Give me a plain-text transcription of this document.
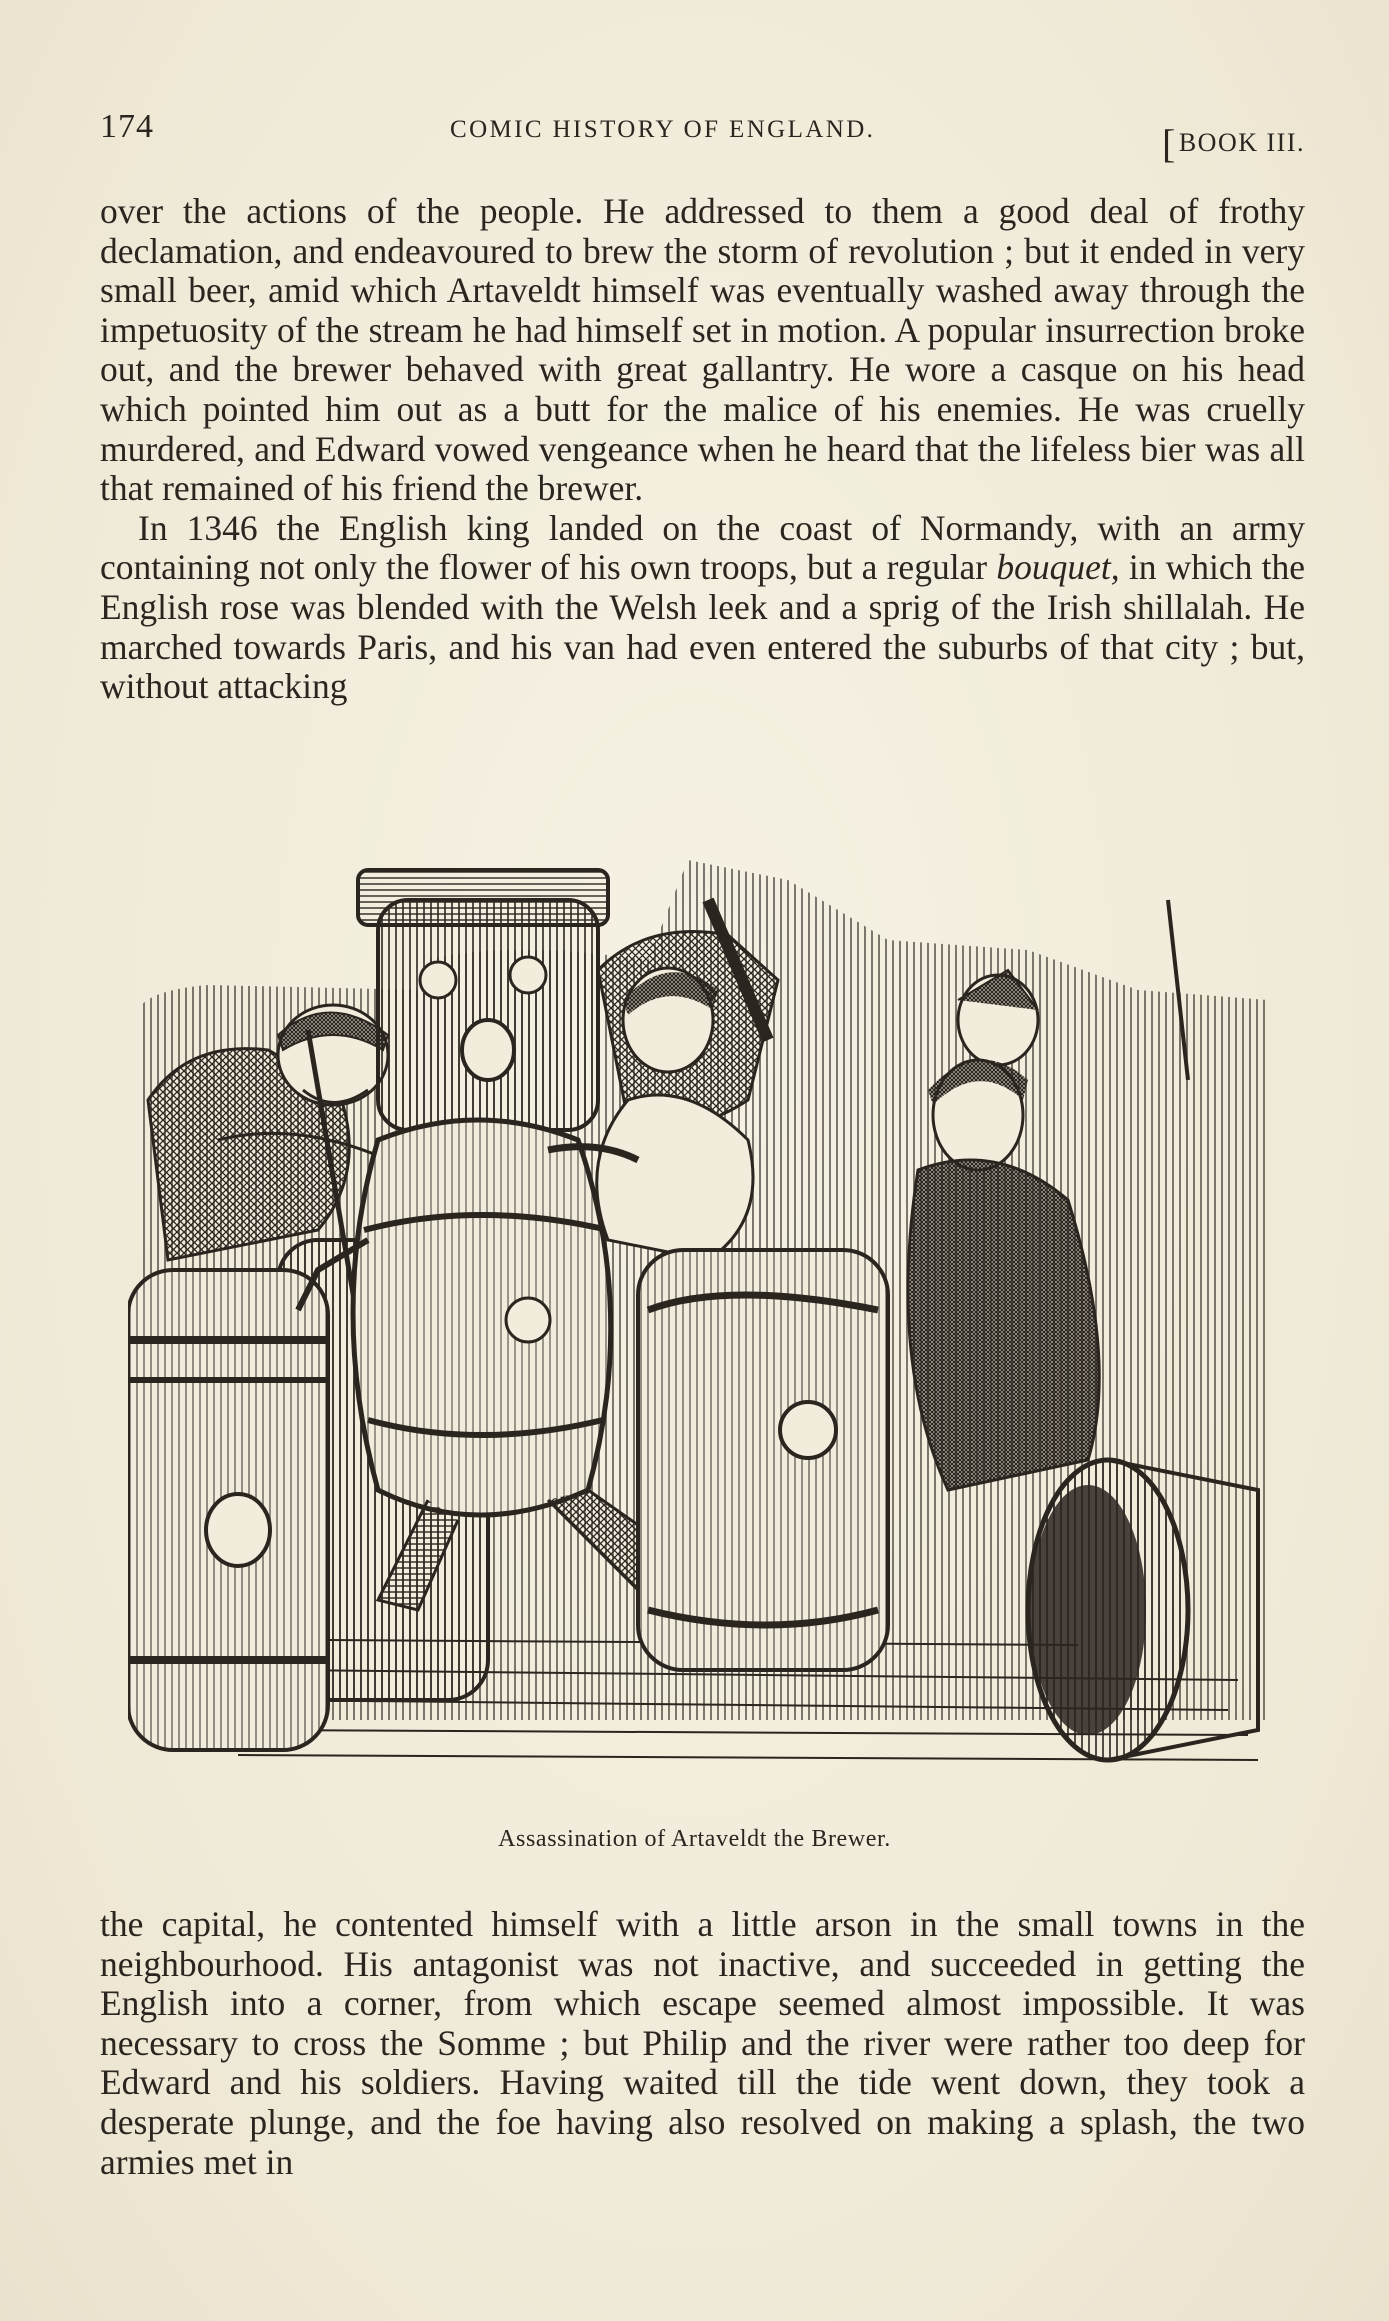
174	COMIC HISTORY OF ENGLAND.	[BOOK III.

over the actions of the people. He addressed to them a good deal of frothy declamation, and endeavoured to brew the storm of revolution ; but it ended in very small beer, amid which Artaveldt himself was eventually washed away through the impetuosity of the stream he had himself set in motion. A popular insurrection broke out, and the brewer behaved with great gallantry. He wore a casque on his head which pointed him out as a butt for the malice of his enemies. He was cruelly murdered, and Edward vowed vengeance when he heard that the lifeless bier was all that remained of his friend the brewer.

In 1346 the English king landed on the coast of Normandy, with an army containing not only the flower of his own troops, but a regular bouquet, in which the English rose was blended with the Welsh leek and a sprig of the Irish shillalah. He marched towards Paris, and his van had even entered the suburbs of that city ; but, without attacking

Assassination of Artaveldt the Brewer.

the capital, he contented himself with a little arson in the small towns in the neighbourhood. His antagonist was not inactive, and succeeded in getting the English into a corner, from which escape seemed almost impossible. It was necessary to cross the Somme ; but Philip and the river were rather too deep for Edward and his soldiers. Having waited till the tide went down, they took a desperate plunge, and the foe having also resolved on making a splash, the two armies met in
